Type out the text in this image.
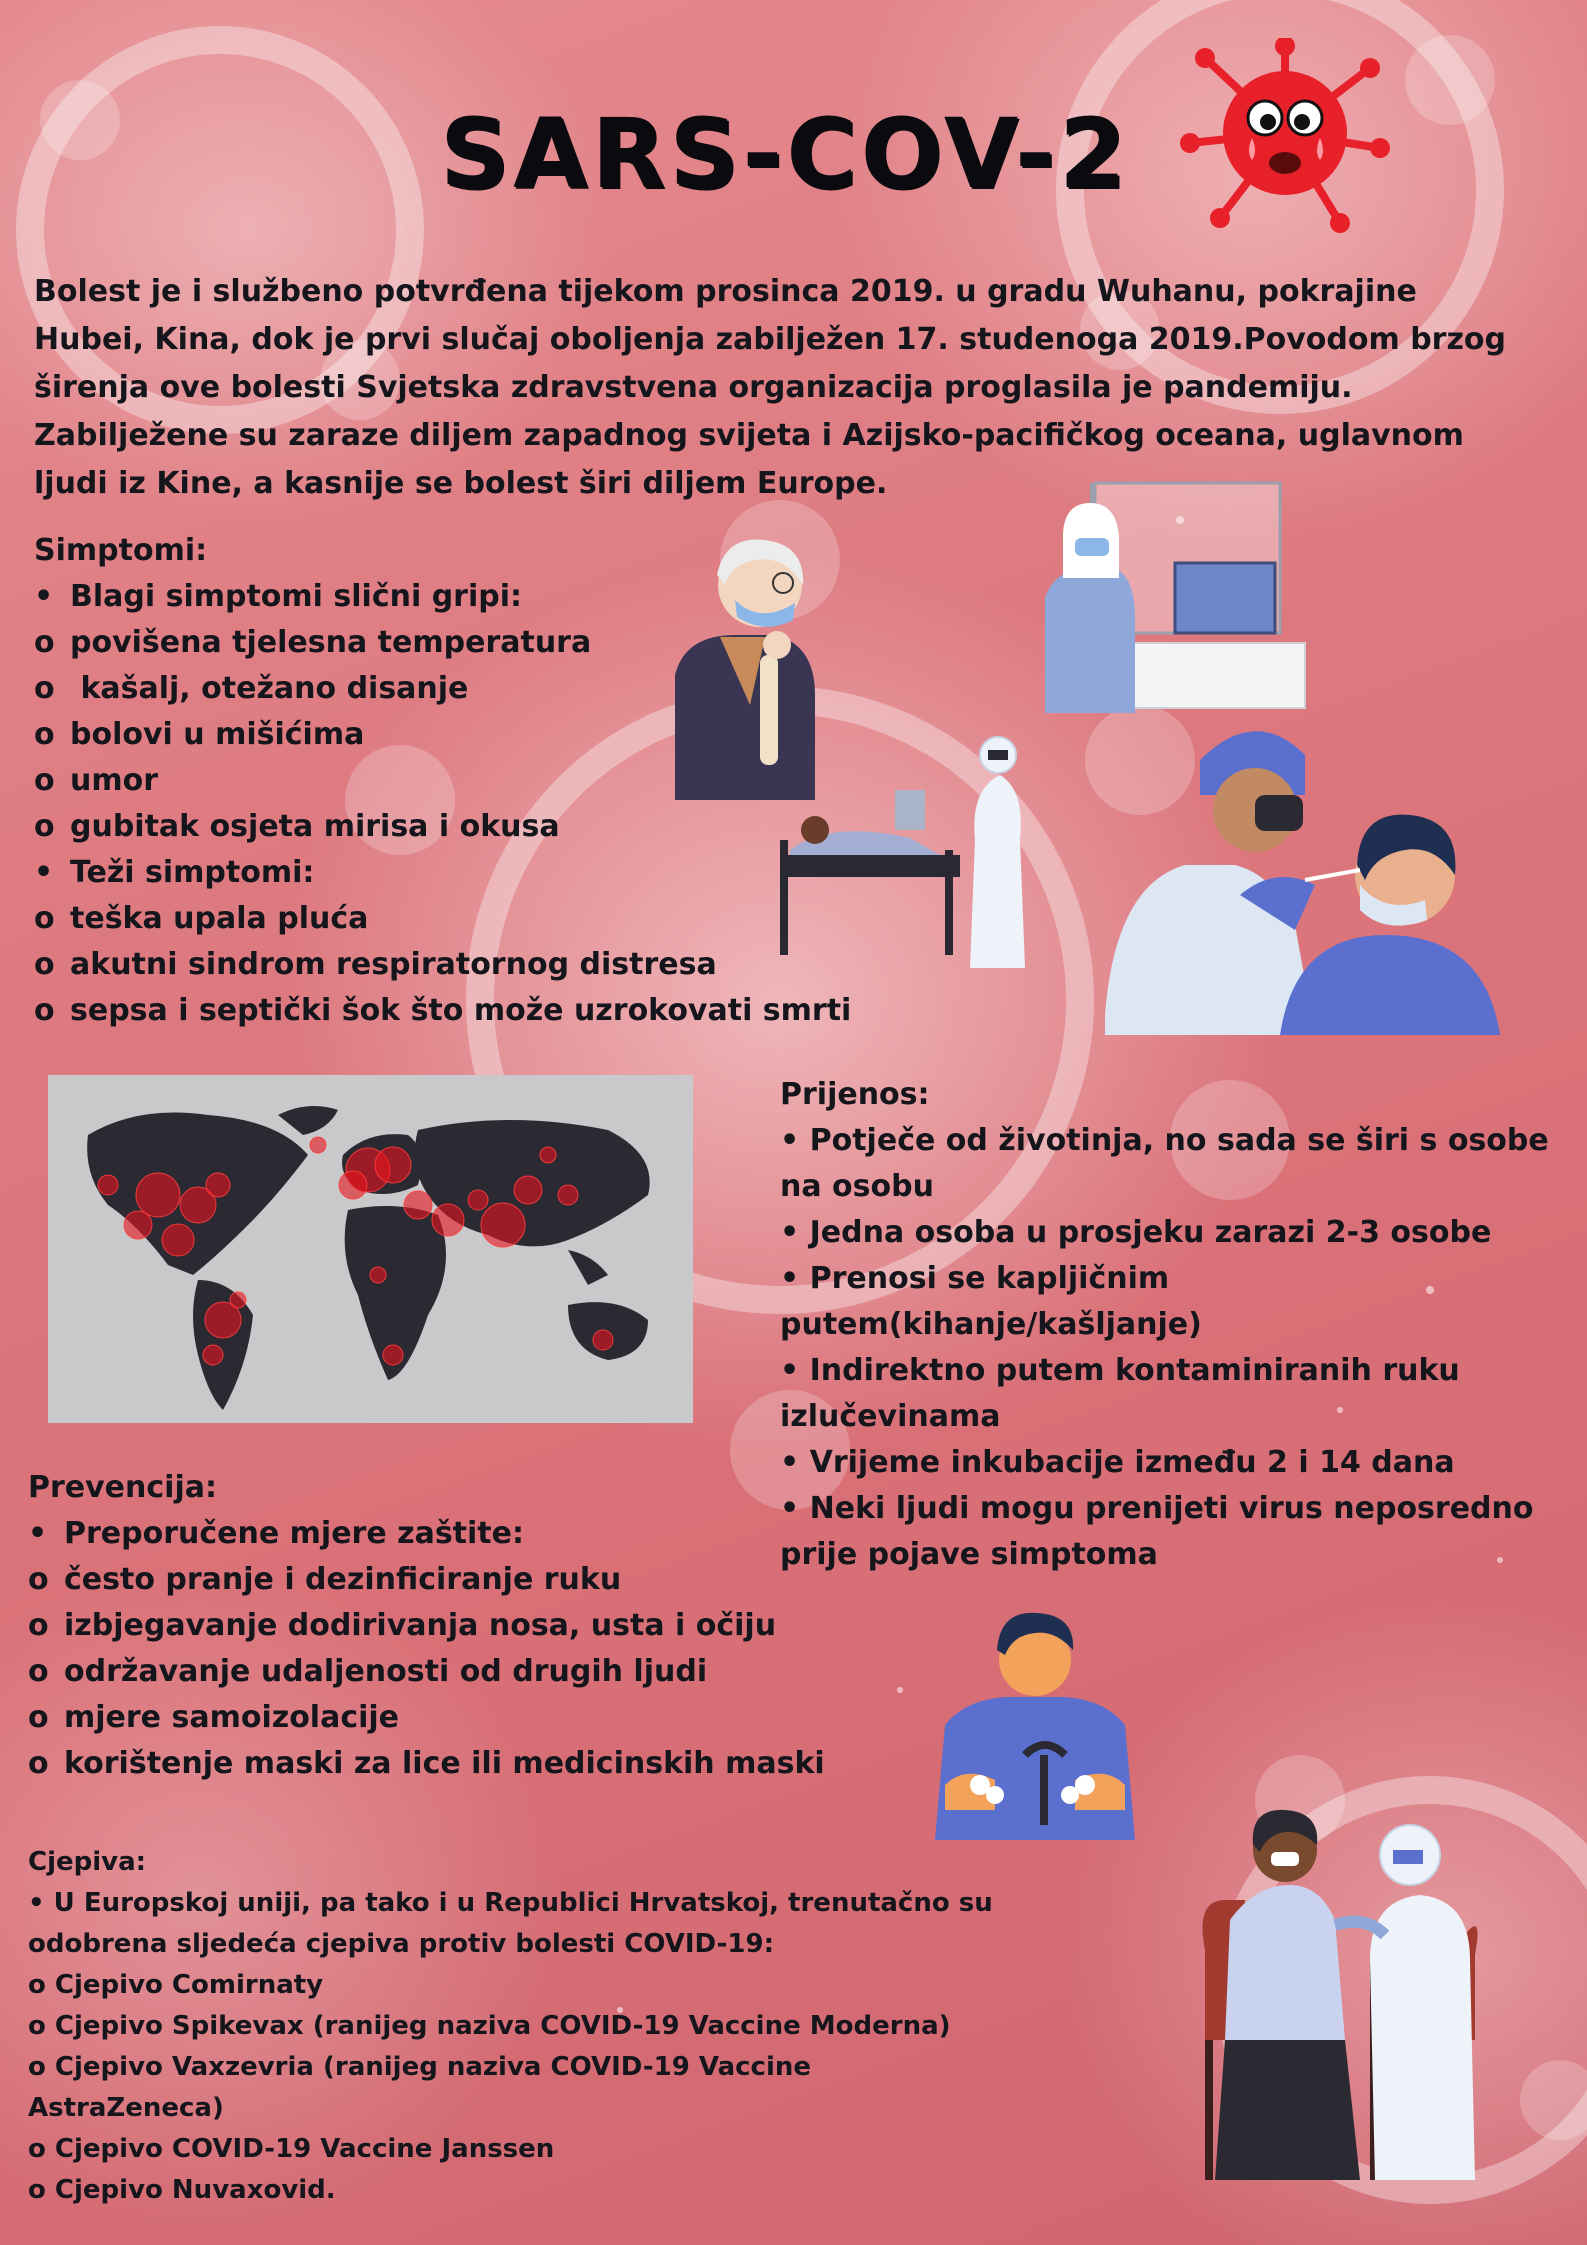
SARS-COV-2
Bolest je i službeno potvrđena tijekom prosinca 2019. u gradu Wuhanu, pokrajine Hubei, Kina, dok je prvi slučaj oboljenja zabilježen 17. studenoga 2019.Povodom brzog širenja ove bolesti Svjetska zdravstvena organizacija proglasila je pandemiju. Zabilježene su zaraze diljem zapadnog svijeta i Azijsko-pacifičkog oceana, uglavnom ljudi iz Kine, a kasnije se bolest širi diljem Europe.
Simptomi:
• Blagi simptomi slični gripi:
o povišena tjelesna temperatura
o kašalj, otežano disanje
o bolovi u mišićima
o umor
o gubitak osjeta mirisa i okusa
• Teži simptomi:
o teška upala pluća
o akutni sindrom respiratornog distresa
o sepsa i septički šok što može uzrokovati smrti
Prijenos:
• Potječe od životinja, no sada se širi s osobe
na osobu
• Jedna osoba u prosjeku zarazi 2-3 osobe
• Prenosi se kapljičnim
putem(kihanje/kašljanje)
• Indirektno putem kontaminiranih ruku
izlučevinama
• Vrijeme inkubacije između 2 i 14 dana
• Neki ljudi mogu prenijeti virus neposredno
prije pojave simptoma
Prevencija:
• Preporučene mjere zaštite:
o često pranje i dezinficiranje ruku
o izbjegavanje dodirivanja nosa, usta i očiju
o održavanje udaljenosti od drugih ljudi
o mjere samoizolacije
o korištenje maski za lice ili medicinskih maski
Cjepiva:
• U Europskoj uniji, pa tako i u Republici Hrvatskoj, trenutačno su
odobrena sljedeća cjepiva protiv bolesti COVID-19:
o Cjepivo Comirnaty
o Cjepivo Spikevax (ranijeg naziva COVID-19 Vaccine Moderna)
o Cjepivo Vaxzevria (ranijeg naziva COVID-19 Vaccine
AstraZeneca)
o Cjepivo COVID-19 Vaccine Janssen
o Cjepivo Nuvaxovid.
